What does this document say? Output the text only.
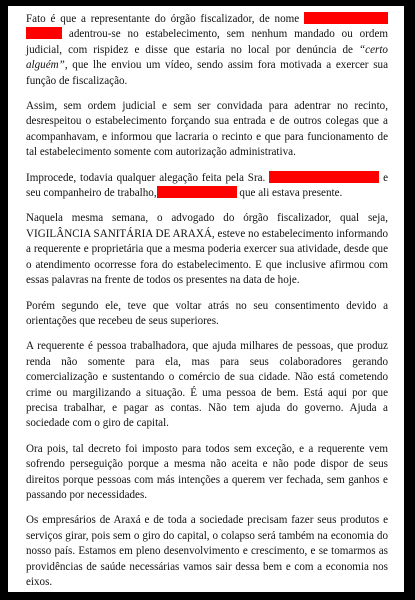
Fato é que a representante do órgão fiscalizador, de nome   adentrou-se no estabelecimento, sem nenhum mandado ou ordem judicial, com rispidez e disse que estaria no local por denúncia de “certo alguém”, que lhe enviou um vídeo, sendo assim fora motivada a exercer sua função de fiscalização.

Assim, sem ordem judicial e sem ser convidada para adentrar no recinto, desrespeitou o estabelecimento forçando sua entrada e de outros colegas que a acompanhavam, e informou que lacraria o recinto e que para funcionamento de tal estabelecimento somente com autorização administrativa.

Improcede, todavia qualquer alegação feita pela Sra.	e seu companheiro de trabalho,	que ali estava presente.

Naquela mesma semana, o advogado do órgão fiscalizador, qual seja, VIGILÂNCIA SANITÁRIA DE ARAXÁ, esteve no estabelecimento informando a requerente e proprietária que a mesma poderia exercer sua atividade, desde que o atendimento ocorresse fora do estabelecimento. E que inclusive afirmou com essas palavras na frente de todos os presentes na data de hoje.

Porém segundo ele, teve que voltar atrás no seu consentimento devido a orientações que recebeu de seus superiores.

A requerente é pessoa trabalhadora, que ajuda milhares de pessoas, que produz renda não somente para ela, mas para seus colaboradores gerando comercialização e sustentando o comércio de sua cidade. Não está cometendo crime ou margilizando a situação. É uma pessoa de bem. Está aqui por que precisa trabalhar, e pagar as contas. Não tem ajuda do governo. Ajuda a sociedade com o giro de capital.

Ora pois, tal decreto foi imposto para todos sem exceção, e a requerente vem sofrendo perseguição porque a mesma não aceita e não pode dispor de seus direitos porque pessoas com más intenções a querem ver fechada, sem ganhos e passando por necessidades.

Os empresários de Araxá e de toda a sociedade precisam fazer seus produtos e serviços girar, pois sem o giro do capital, o colapso será também na economia do nosso país. Estamos em pleno desenvolvimento e crescimento, e se tomarmos as providências de saúde necessárias vamos sair dessa bem e com a economia nos eixos.
